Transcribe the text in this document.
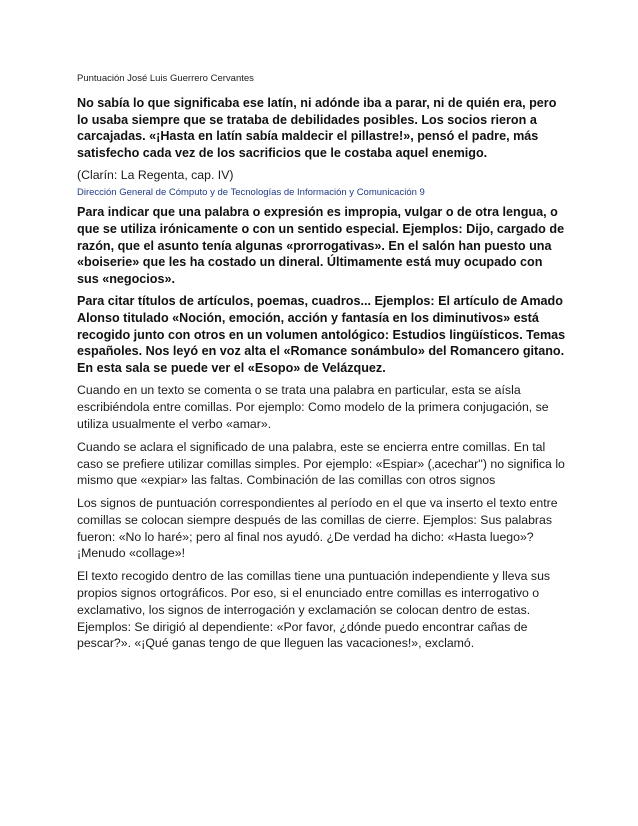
Puntuación José Luis Guerrero Cervantes

No sabía lo que significaba ese latín, ni adónde iba a parar, ni de quién era, pero lo usaba siempre que se trataba de debilidades posibles. Los socios rieron a carcajadas. «¡Hasta en latín sabía maldecir el pillastre!», pensó el padre, más satisfecho cada vez de los sacrificios que le costaba aquel enemigo.

(Clarín: La Regenta, cap. IV)

Dirección General de Cómputo y de Tecnologías de Información y Comunicación 9

Para indicar que una palabra o expresión es impropia, vulgar o de otra lengua, o que se utiliza irónicamente o con un sentido especial. Ejemplos: Dijo, cargado de razón, que el asunto tenía algunas «prorrogativas». En el salón han puesto una «boiserie» que les ha costado un dineral. Últimamente está muy ocupado con sus «negocios».

Para citar títulos de artículos, poemas, cuadros... Ejemplos: El artículo de Amado Alonso titulado «Noción, emoción, acción y fantasía en los diminutivos» está recogido junto con otros en un volumen antológico: Estudios lingüísticos. Temas españoles. Nos leyó en voz alta el «Romance sonámbulo» del Romancero gitano. En esta sala se puede ver el «Esopo» de Velázquez.

Cuando en un texto se comenta o se trata una palabra en particular, esta se aísla escribiéndola entre comillas. Por ejemplo: Como modelo de la primera conjugación, se utiliza usualmente el verbo «amar».

Cuando se aclara el significado de una palabra, este se encierra entre comillas. En tal caso se prefiere utilizar comillas simples. Por ejemplo: «Espiar» (‚acechar'') no significa lo mismo que «expiar» las faltas. Combinación de las comillas con otros signos

Los signos de puntuación correspondientes al período en el que va inserto el texto entre comillas se colocan siempre después de las comillas de cierre. Ejemplos: Sus palabras fueron: «No lo haré»; pero al final nos ayudó. ¿De verdad ha dicho: «Hasta luego»? ¡Menudo «collage»!

El texto recogido dentro de las comillas tiene una puntuación independiente y lleva sus propios signos ortográficos. Por eso, si el enunciado entre comillas es interrogativo o exclamativo, los signos de interrogación y exclamación se colocan dentro de estas. Ejemplos: Se dirigió al dependiente: «Por favor, ¿dónde puedo encontrar cañas de pescar?». «¡Qué ganas tengo de que lleguen las vacaciones!», exclamó.
